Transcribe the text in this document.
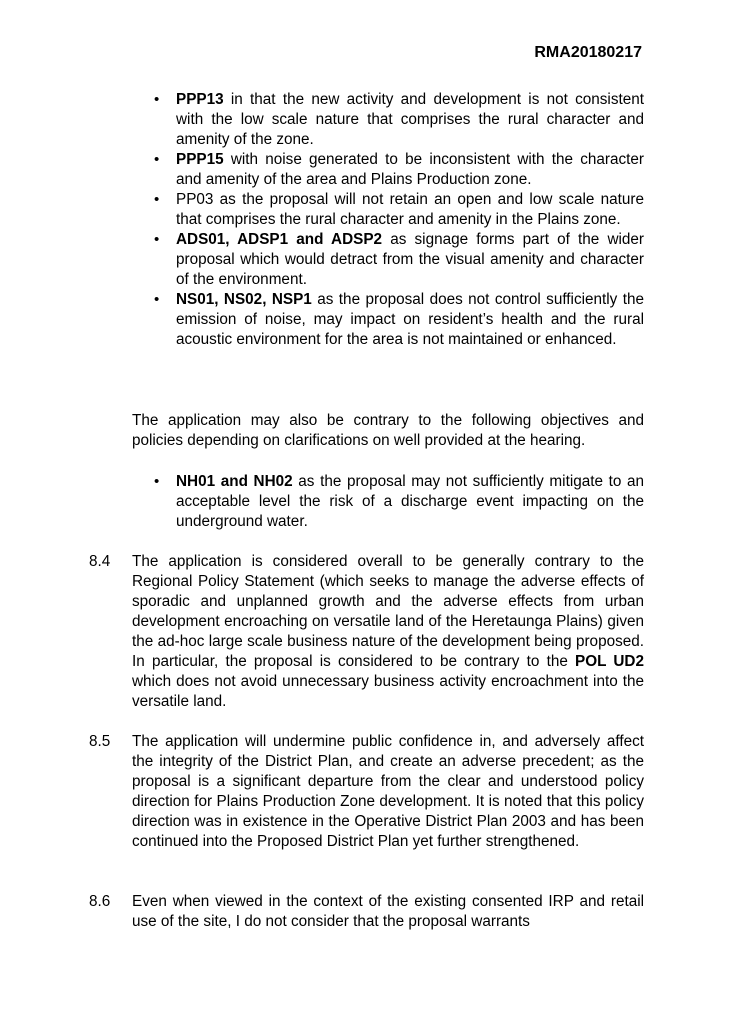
RMA20180217
• PPP13 in that the new activity and development is not consistent with the low scale nature that comprises the rural character and amenity of the zone.
• PPP15 with noise generated to be inconsistent with the character and amenity of the area and Plains Production zone.
• PP03 as the proposal will not retain an open and low scale nature that comprises the rural character and amenity in the Plains zone.
• ADS01, ADSP1 and ADSP2 as signage forms part of the wider proposal which would detract from the visual amenity and character of the environment.
• NS01, NS02, NSP1 as the proposal does not control sufficiently the emission of noise, may impact on resident’s health and the rural acoustic environment for the area is not maintained or enhanced.

The application may also be contrary to the following objectives and policies depending on clarifications on well provided at the hearing.

• NH01 and NH02 as the proposal may not sufficiently mitigate to an acceptable level the risk of a discharge event impacting on the underground water.
8.4 The application is considered overall to be generally contrary to the Regional Policy Statement (which seeks to manage the adverse effects of sporadic and unplanned growth and the adverse effects from urban development encroaching on versatile land of the Heretaunga Plains) given the ad-hoc large scale business nature of the development being proposed. In particular, the proposal is considered to be contrary to the POL UD2 which does not avoid unnecessary business activity encroachment into the versatile land.

8.5 The application will undermine public confidence in, and adversely affect the integrity of the District Plan, and create an adverse precedent; as the proposal is a significant departure from the clear and understood policy direction for Plains Production Zone development. It is noted that this policy direction was in existence in the Operative District Plan 2003 and has been continued into the Proposed District Plan yet further strengthened.

8.6 Even when viewed in the context of the existing consented IRP and retail use of the site, I do not consider that the proposal warrants
